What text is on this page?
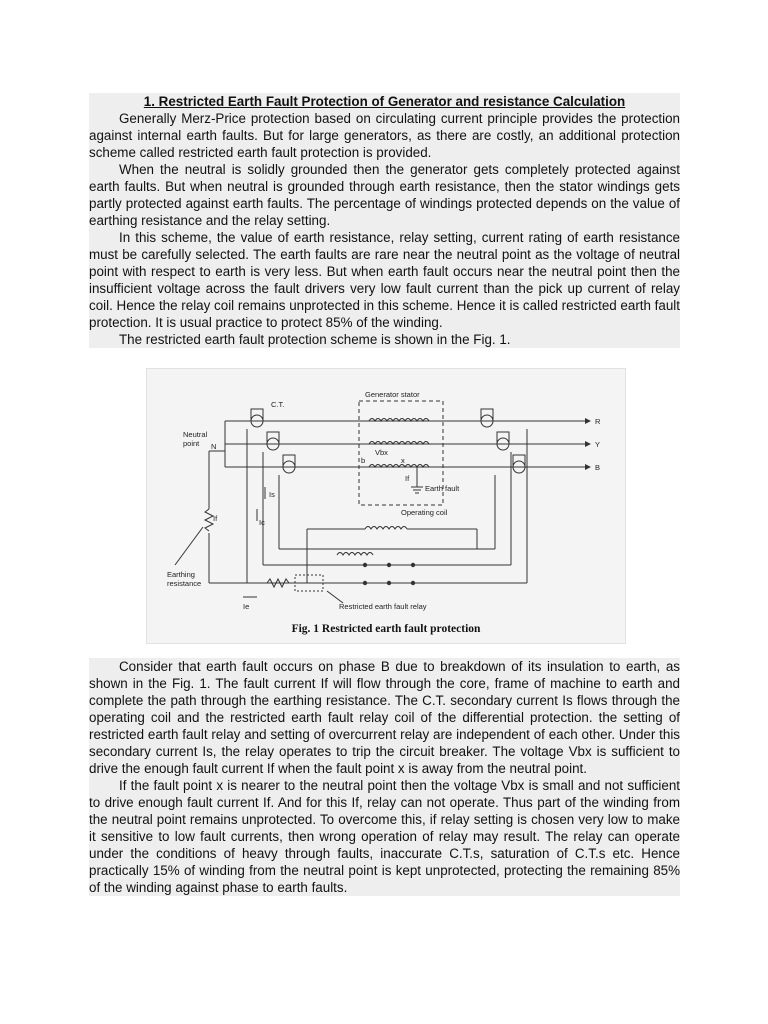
1. Restricted Earth Fault Protection of Generator and resistance Calculation

Generally Merz-Price protection based on circulating current principle provides the protection against internal earth faults. But for large generators, as there are costly, an additional protection scheme called restricted earth fault protection is provided.

When the neutral is solidly grounded then the generator gets completely protected against earth faults. But when neutral is grounded through earth resistance, then the stator windings gets partly protected against earth faults. The percentage of windings protected depends on the value of earthing resistance and the relay setting.

In this scheme, the value of earth resistance, relay setting, current rating of earth resistance must be carefully selected. The earth faults are rare near the neutral point as the voltage of neutral point with respect to earth is very less. But when earth fault occurs near the neutral point then the insufficient voltage across the fault drivers very low fault current than the pick up current of relay coil. Hence the relay coil remains unprotected in this scheme. Hence it is called restricted earth fault protection. It is usual practice to protect 85% of the winding.

The restricted earth fault protection scheme is shown in the Fig. 1.

C.T.
Generator stator
Neutral
point N
R
Y
B
b	x
Vbx
Is
If
Earth fault
Operating coil
Earthing
resistance
If	Ic
Ie	Restricted earth fault relay
Fig. 1 Restricted earth fault protection

Consider that earth fault occurs on phase B due to breakdown of its insulation to earth, as shown in the Fig. 1. The fault current If will flow through the core, frame of machine to earth and complete the path through the earthing resistance. The C.T. secondary current Is flows through the operating coil and the restricted earth fault relay coil of the differential protection. the setting of restricted earth fault relay and setting of overcurrent relay are independent of each other. Under this secondary current Is, the relay operates to trip the circuit breaker. The voltage Vbx is sufficient to drive the enough fault current If when the fault point x is away from the neutral point.

If the fault point x is nearer to the neutral point then the voltage Vbx is small and not sufficient to drive enough fault current If. And for this If, relay can not operate. Thus part of the winding from the neutral point remains unprotected. To overcome this, if relay setting is chosen very low to make it sensitive to low fault currents, then wrong operation of relay may result. The relay can operate under the conditions of heavy through faults, inaccurate C.T.s, saturation of C.T.s etc. Hence practically 15% of winding from the neutral point is kept unprotected, protecting the remaining 85% of the winding against phase to earth faults.
